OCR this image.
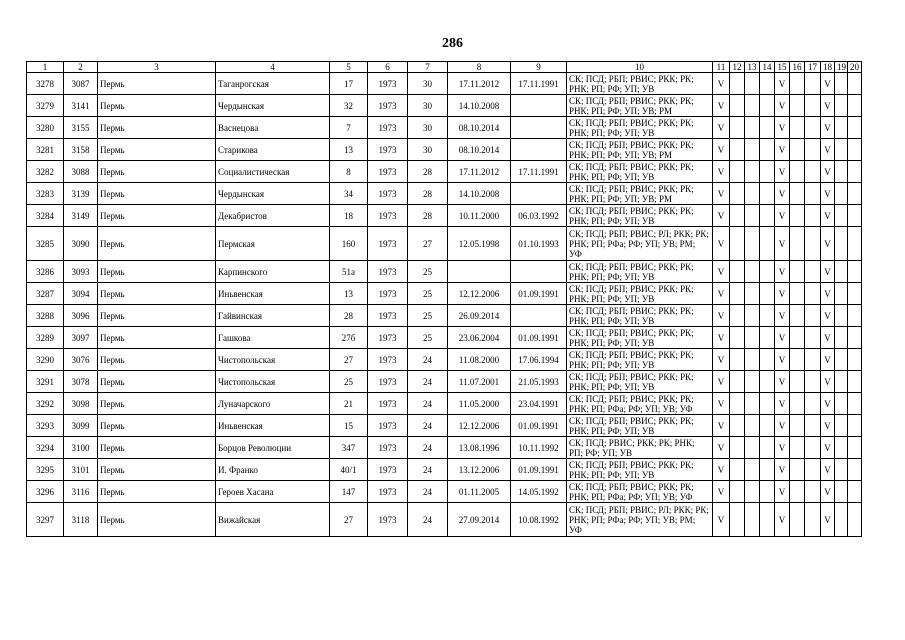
286
1	2	3	4	5	6	7	8	9	10	11	12	13	14	15	16	17	18	19	20
3278	3087	Пермь	Таганрогская	17	1973	30	17.11.2012	17.11.1991	СК; ПСД; РБП; РВИС; РКК; РК; РНК; РП; РФ; УП; УВ	V				V			V		
3279	3141	Пермь	Чердынская	32	1973	30	14.10.2008		СК; ПСД; РБП; РВИС; РКК; РК; РНК; РП; РФ; УП; УВ; РМ	V				V			V		
3280	3155	Пермь	Васнецова	7	1973	30	08.10.2014		СК; ПСД; РБП; РВИС; РКК; РК; РНК; РП; РФ; УП; УВ	V				V			V		
3281	3158	Пермь	Старикова	13	1973	30	08.10.2014		СК; ПСД; РБП; РВИС; РКК; РК; РНК; РП; РФ; УП; УВ; РМ	V				V			V		
3282	3088	Пермь	Социалистическая	8	1973	28	17.11.2012	17.11.1991	СК; ПСД; РБП; РВИС; РКК; РК; РНК; РП; РФ; УП; УВ	V				V			V		
3283	3139	Пермь	Чердынская	34	1973	28	14.10.2008		СК; ПСД; РБП; РВИС; РКК; РК; РНК; РП; РФ; УП; УВ; РМ	V				V			V		
3284	3149	Пермь	Декабристов	18	1973	28	10.11.2000	06.03.1992	СК; ПСД; РБП; РВИС; РКК; РК; РНК; РП; РФ; УП; УВ	V				V			V		
3285	3090	Пермь	Пермская	160	1973	27	12.05.1998	01.10.1993	СК; ПСД; РБП; РВИС; РЛ; РКК; РК; РНК; РП; РФа; РФ; УП; УВ; РМ; УФ	V				V			V		
3286	3093	Пермь	Карпинского	51а	1973	25			СК; ПСД; РБП; РВИС; РКК; РК; РНК; РП; РФ; УП; УВ	V				V			V		
3287	3094	Пермь	Иньвенская	13	1973	25	12.12.2006	01.09.1991	СК; ПСД; РБП; РВИС; РКК; РК; РНК; РП; РФ; УП; УВ	V				V			V		
3288	3096	Пермь	Гайвинская	28	1973	25	26.09.2014		СК; ПСД; РБП; РВИС; РКК; РК; РНК; РП; РФ; УП; УВ	V				V			V		
3289	3097	Пермь	Гашкова	27б	1973	25	23.06.2004	01.09.1991	СК; ПСД; РБП; РВИС; РКК; РК; РНК; РП; РФ; УП; УВ	V				V			V		
3290	3076	Пермь	Чистопольская	27	1973	24	11.08.2000	17.06.1994	СК; ПСД; РБП; РВИС; РКК; РК; РНК; РП; РФ; УП; УВ	V				V			V		
3291	3078	Пермь	Чистопольская	25	1973	24	11.07.2001	21.05.1993	СК; ПСД; РБП; РВИС; РКК; РК; РНК; РП; РФ; УП; УВ	V				V			V		
3292	3098	Пермь	Луначарского	21	1973	24	11.05.2000	23.04.1991	СК; ПСД; РБП; РВИС; РКК; РК; РНК; РП; РФа; РФ; УП; УВ; УФ	V				V			V		
3293	3099	Пермь	Иньвенская	15	1973	24	12.12.2006	01.09.1991	СК; ПСД; РБП; РВИС; РКК; РК; РНК; РП; РФ; УП; УВ	V				V			V		
3294	3100	Пермь	Борцов Революции	347	1973	24	13.08.1996	10.11.1992	СК; ПСД; РВИС; РКК; РК; РНК; РП; РФ; УП; УВ	V				V			V		
3295	3101	Пермь	И. Франко	40/1	1973	24	13.12.2006	01.09.1991	СК; ПСД; РБП; РВИС; РКК; РК; РНК; РП; РФ; УП; УВ	V				V			V		
3296	3116	Пермь	Героев Хасана	147	1973	24	01.11.2005	14.05.1992	СК; ПСД; РБП; РВИС; РКК; РК; РНК; РП; РФа; РФ; УП; УВ; УФ	V				V			V		
3297	3118	Пермь	Вижайская	27	1973	24	27.09.2014	10.08.1992	СК; ПСД; РБП; РВИС; РЛ; РКК; РК; РНК; РП; РФа; РФ; УП; УВ; РМ; УФ	V				V			V		
